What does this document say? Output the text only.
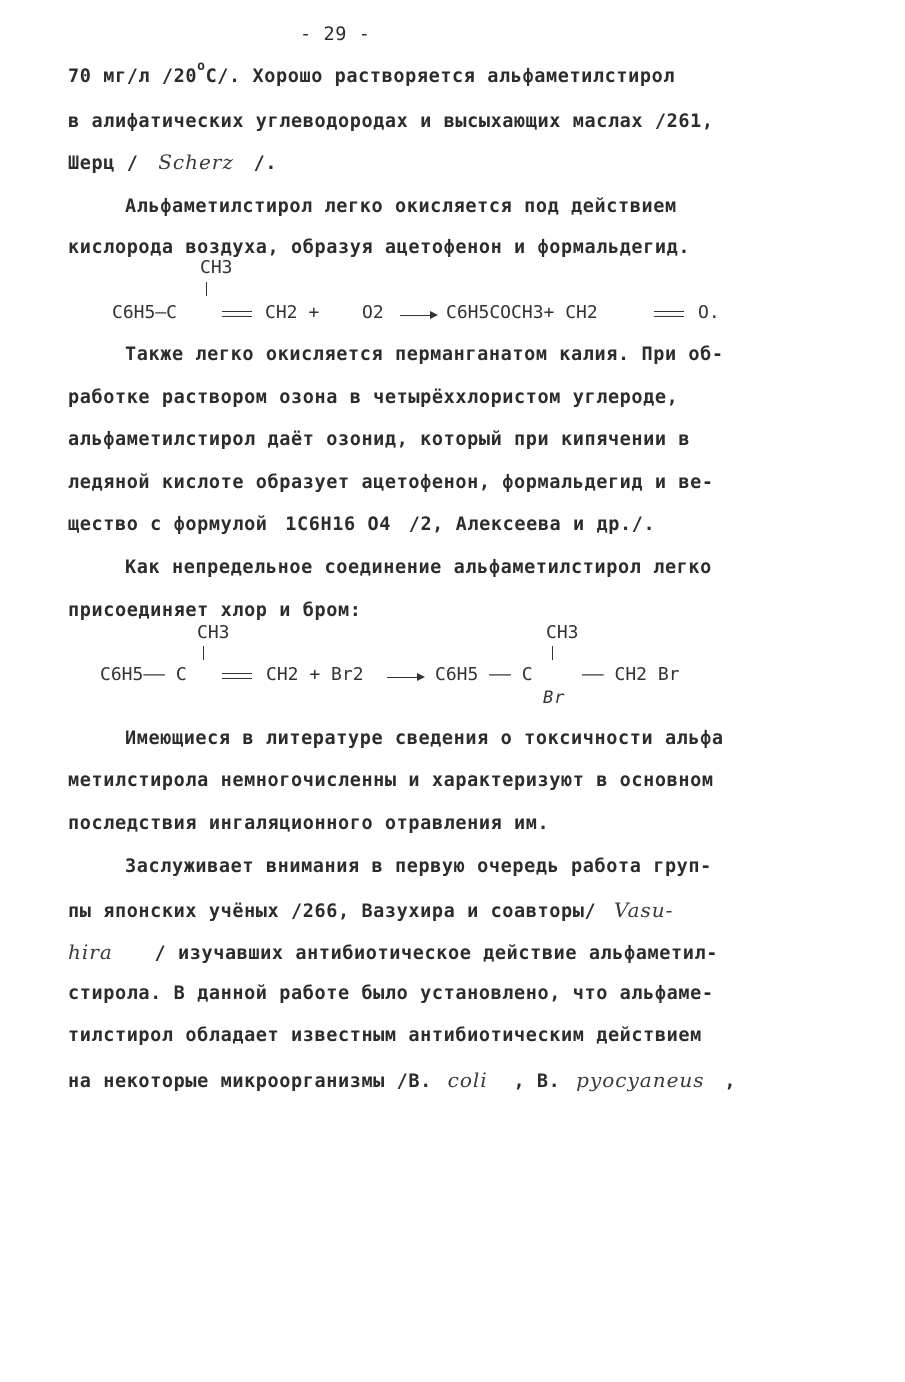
- 29 -
70 мг/л /20$^o$С/. Хорошо растворяется альфаметилстирол
в алифатических углеводородах и высыхающих маслах /261,
Шерц / Scherz /.
Альфаметилстирол легко окисляется под действием
кислорода воздуха, образуя ацетофенон и формальдегид.
CH3
C6H5—C	CH2 + O2	C6H5COCH3+ CH2	O.
Также легко окисляется перманганатом калия. При об-
работке раствором озона в четырёххлористом углероде,
альфаметилстирол даёт озонид, который при кипячении в
ледяной кислоте образует ацетофенон, формальдегид и ве-
щество с формулой 1C6H16 O4 /2, Алексеева и др./.
Как непредельное соединение альфаметилстирол легко
присоединяет хлор и бром:
CH3
C6H5—— C	CH2 + Br2
CH3
C6H5 —— C	—— CH2 Br
Br
Имеющиеся в литературе сведения о токсичности альфа
метилстирола немногочисленны и характеризуют в основном
последствия ингаляционного отравления им.
Заслуживает внимания в первую очередь работа груп-
пы японских учёных /266, Вазухира и соавторы/ Vasu-
hira / изучавших антибиотическое действие альфаметил-
стирола. В данной работе было установлено, что альфаме-
тилстирол обладает известным антибиотическим действием
на некоторые микроорганизмы /В. coli , В. pyocyaneus ,
